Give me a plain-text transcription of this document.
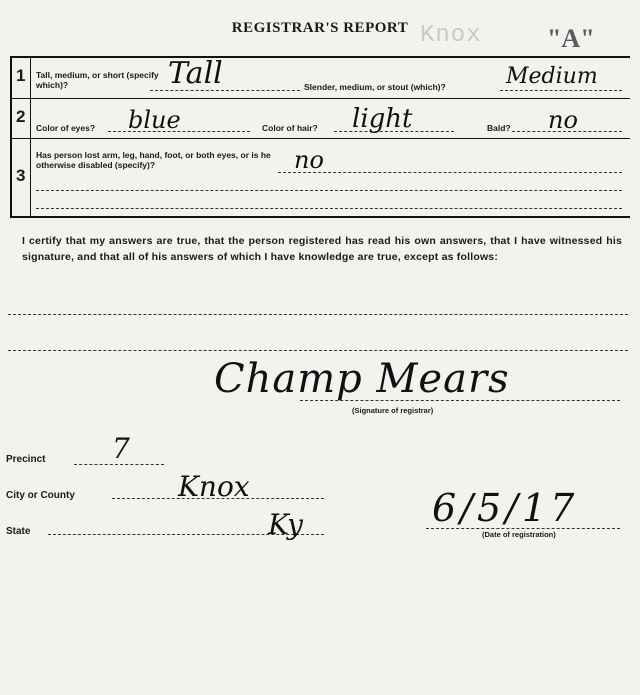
REGISTRAR'S REPORT Knox	"A"
1 Tall, medium, or short (specify which)?	Tall	Slender, medium, or stout (which)?	Medium
2
Color of eyes? blue	Color of hair? light	Bald? no
3
Has person lost arm, leg, hand, foot, or both eyes, or is he otherwise disabled (specify)?	no
I certify that my answers are true, that the person registered has read his own answers, that I have witnessed his signature, and that all of his answers of which I have knowledge are true, except as follows:
Champ Mears
(Signature of registrar)
Precinct 7
City or County	Knox
State	Ky	6/5/17
(Date of registration)
